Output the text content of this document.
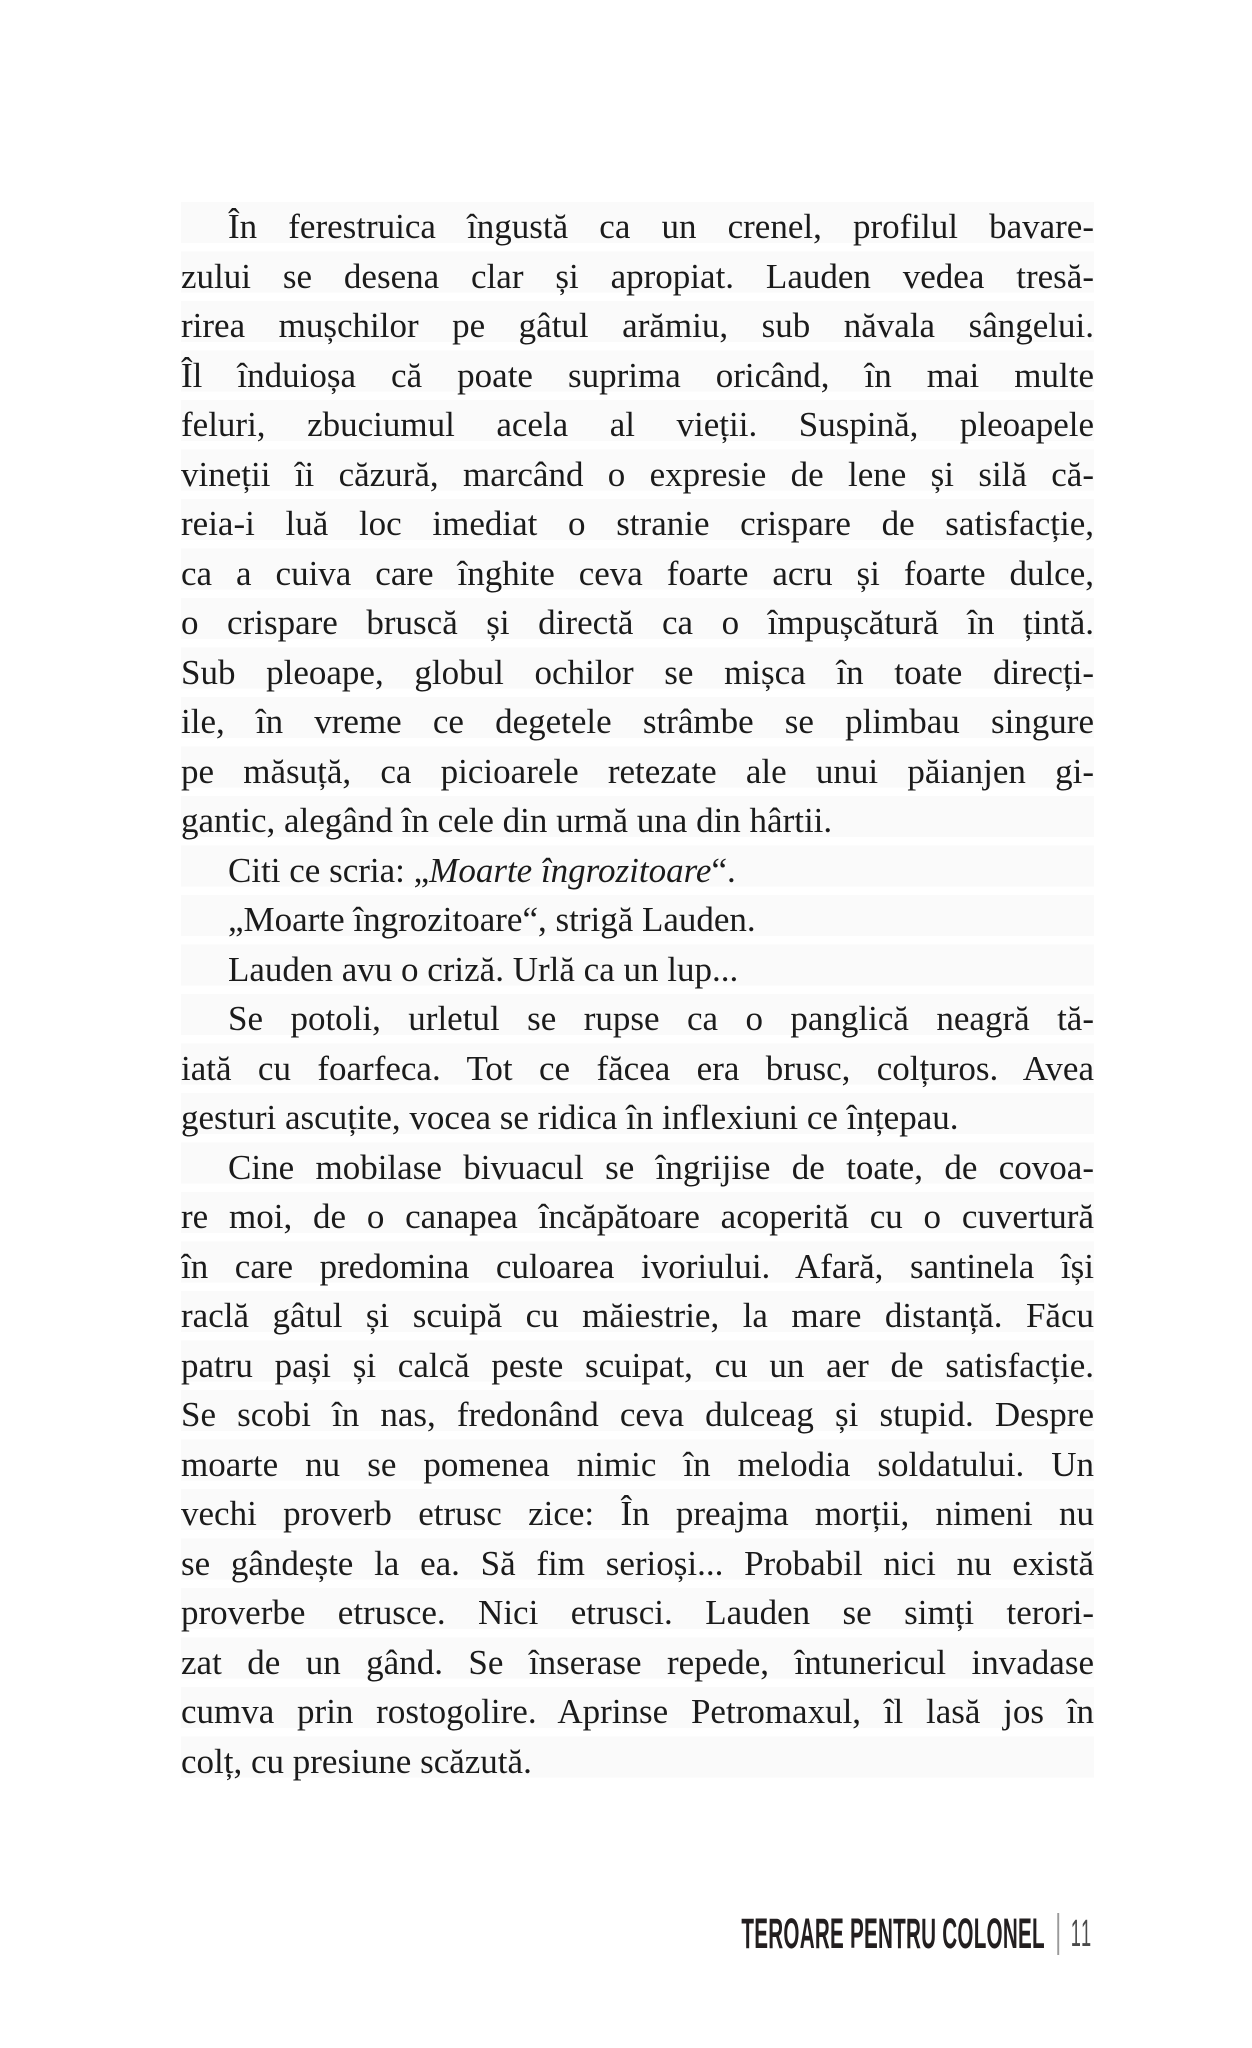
În ferestruica îngustă ca un crenel, profilul bavare-
zului se desena clar și apropiat. Lauden vedea tresă-
rirea mușchilor pe gâtul arămiu, sub năvala sângelui.
Îl înduioșa că poate suprima oricând, în mai multe
feluri, zbuciumul acela al vieții. Suspină, pleoapele
vineții îi căzură, marcând o expresie de lene și silă că-
reia-i luă loc imediat o stranie crispare de satisfacție,
ca a cuiva care înghite ceva foarte acru și foarte dulce,
o crispare bruscă și directă ca o împușcătură în țintă.
Sub pleoape, globul ochilor se mișca în toate direcți-
ile, în vreme ce degetele strâmbe se plimbau singure
pe măsuță, ca picioarele retezate ale unui păianjen gi-
gantic, alegând în cele din urmă una din hârtii.
Citi ce scria: „Moarte îngrozitoare“.
„Moarte îngrozitoare“, strigă Lauden.
Lauden avu o criză. Urlă ca un lup...
Se potoli, urletul se rupse ca o panglică neagră tă-
iată cu foarfeca. Tot ce făcea era brusc, colțuros. Avea
gesturi ascuțite, vocea se ridica în inflexiuni ce înțepau.
Cine mobilase bivuacul se îngrijise de toate, de covoa-
re moi, de o canapea încăpătoare acoperită cu o cuvertură
în care predomina culoarea ivoriului. Afară, santinela își
raclă gâtul și scuipă cu măiestrie, la mare distanță. Făcu
patru pași și calcă peste scuipat, cu un aer de satisfacție.
Se scobi în nas, fredonând ceva dulceag și stupid. Despre
moarte nu se pomenea nimic în melodia soldatului. Un
vechi proverb etrusc zice: În preajma morții, nimeni nu
se gândește la ea. Să fim serioși... Probabil nici nu există
proverbe etrusce. Nici etrusci. Lauden se simți terori-
zat de un gând. Se înserase repede, întunericul invadase
cumva prin rostogolire. Aprinse Petromaxul, îl lasă jos în
colț, cu presiune scăzută.
TEROARE PENTRU COLONEL 11
